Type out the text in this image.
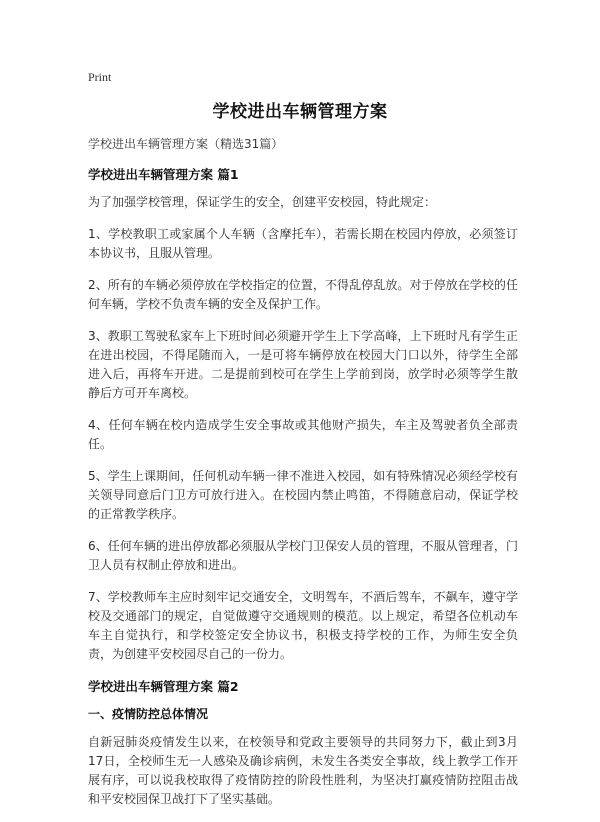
Print
学校进出车辆管理方案

学校进出车辆管理方案（精选31篇）

学校进出车辆管理方案 篇1

为了加强学校管理，保证学生的安全，创建平安校园，特此规定：

1、学校教职工或家属个人车辆（含摩托车），若需长期在校园内停放，必须签订本协议书，且服从管理。

2、所有的车辆必须停放在学校指定的位置，不得乱停乱放。对于停放在学校的任何车辆，学校不负责车辆的安全及保护工作。

3、教职工驾驶私家车上下班时间必须避开学生上下学高峰，上下班时凡有学生正在进出校园，不得尾随而入，一是可将车辆停放在校园大门口以外，待学生全部进入后，再将车开进。二是提前到校可在学生上学前到岗，放学时必须等学生散静后方可开车离校。

4、任何车辆在校内造成学生安全事故或其他财产损失，车主及驾驶者负全部责任。

5、学生上课期间，任何机动车辆一律不准进入校园，如有特殊情况必须经学校有关领导同意后门卫方可放行进入。在校园内禁止鸣笛，不得随意启动，保证学校的正常教学秩序。

6、任何车辆的进出停放都必须服从学校门卫保安人员的管理，不服从管理者，门卫人员有权制止停放和进出。

7、学校教师车主应时刻牢记交通安全，文明驾车，不酒后驾车，不飙车，遵守学校及交通部门的规定，自觉做遵守交通规则的模范。以上规定，希望各位机动车车主自觉执行，和学校签定安全协议书，积极支持学校的工作，为师生安全负责，为创建平安校园尽自己的一份力。

学校进出车辆管理方案 篇2

一、疫情防控总体情况

自新冠肺炎疫情发生以来，在校领导和党政主要领导的共同努力下，截止到3月17日，全校师生无一人感染及确诊病例，未发生各类安全事故，线上教学工作开展有序，可以说我校取得了疫情防控的阶段性胜利，为坚决打赢疫情防控阻击战和平安校园保卫战打下了坚实基础。
